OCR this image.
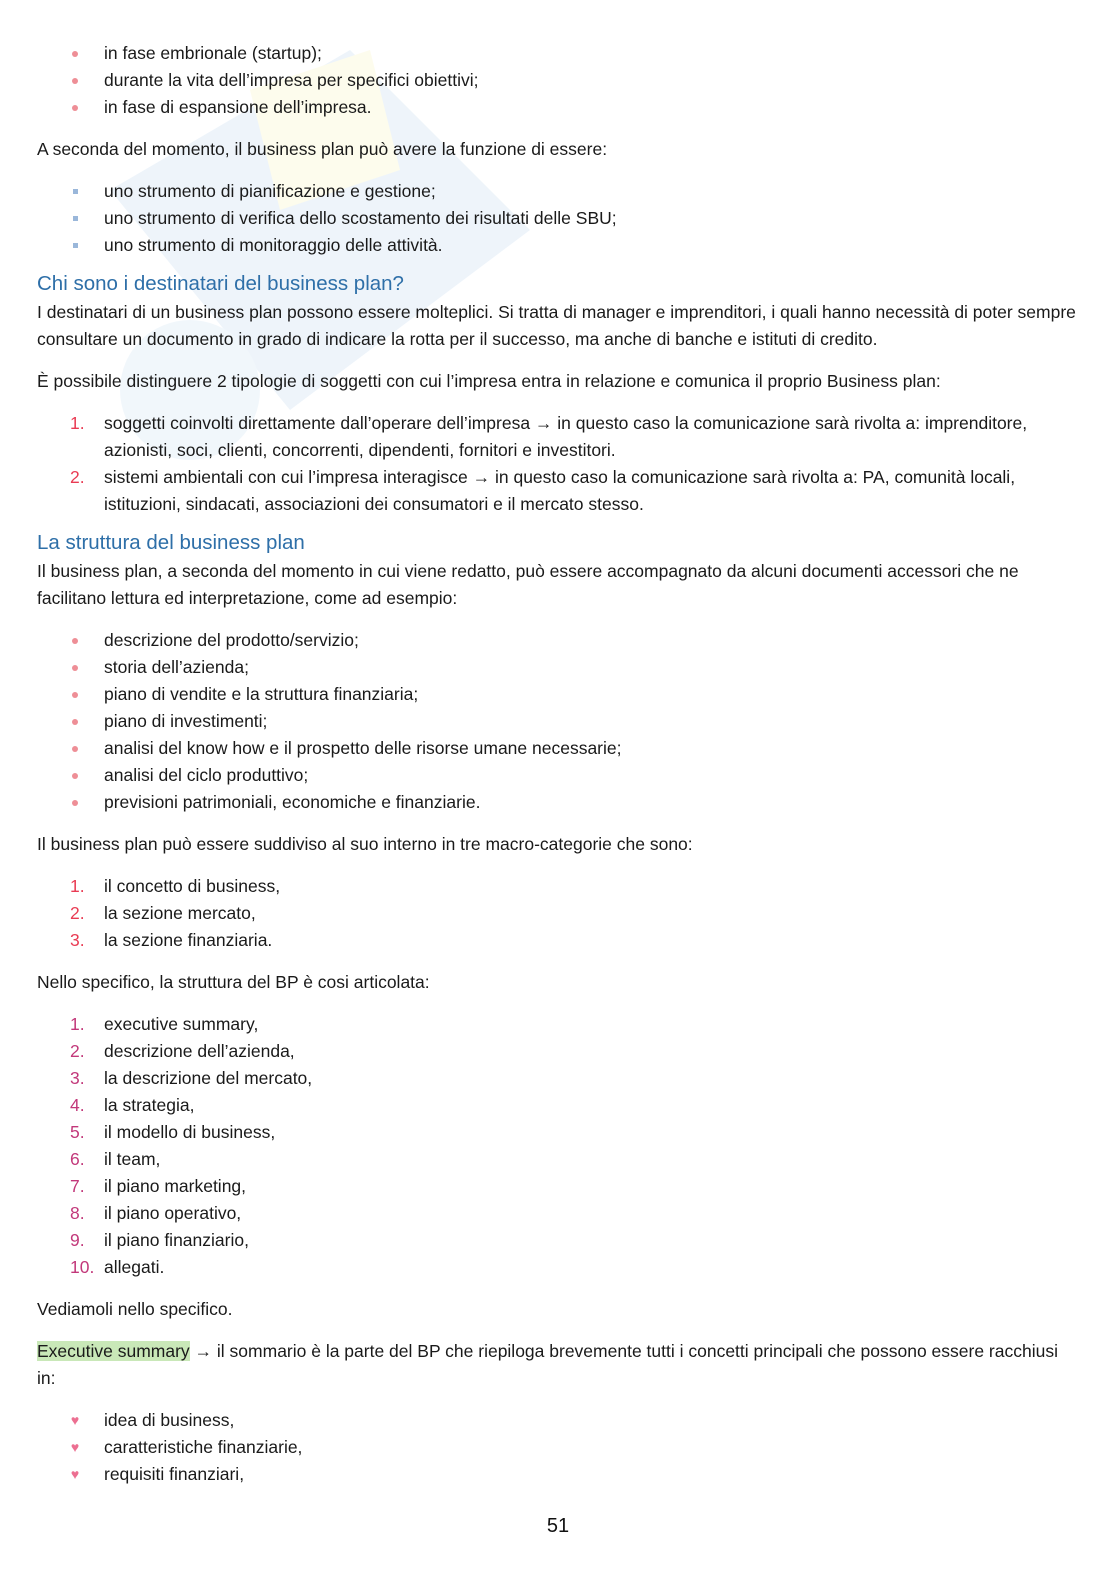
in fase embrionale (startup);
durante la vita dell’impresa per specifici obiettivi;
in fase di espansione dell’impresa.

A seconda del momento, il business plan può avere la funzione di essere:

uno strumento di pianificazione e gestione;
uno strumento di verifica dello scostamento dei risultati delle SBU;
uno strumento di monitoraggio delle attività.
Chi sono i destinatari del business plan?

I destinatari di un business plan possono essere molteplici. Si tratta di manager e imprenditori, i quali hanno necessità di poter sempre consultare un documento in grado di indicare la rotta per il successo, ma anche di banche e istituti di credito.

È possibile distinguere 2 tipologie di soggetti con cui l’impresa entra in relazione e comunica il proprio Business plan:

1. soggetti coinvolti direttamente dall’operare dell’impresa → in questo caso la comunicazione sarà rivolta a: imprenditore, azionisti, soci, clienti, concorrenti, dipendenti, fornitori e investitori.
2. sistemi ambientali con cui l’impresa interagisce → in questo caso la comunicazione sarà rivolta a: PA, comunità locali, istituzioni, sindacati, associazioni dei consumatori e il mercato stesso.
La struttura del business plan

Il business plan, a seconda del momento in cui viene redatto, può essere accompagnato da alcuni documenti accessori che ne facilitano lettura ed interpretazione, come ad esempio:

descrizione del prodotto/servizio;
storia dell’azienda;
piano di vendite e la struttura finanziaria;
piano di investimenti;
analisi del know how e il prospetto delle risorse umane necessarie;
analisi del ciclo produttivo;
previsioni patrimoniali, economiche e finanziarie.

Il business plan può essere suddiviso al suo interno in tre macro-categorie che sono:

1. il concetto di business,
2. la sezione mercato,
3. la sezione finanziaria.

Nello specifico, la struttura del BP è cosi articolata:

1. executive summary,
2. descrizione dell’azienda,
3. la descrizione del mercato,
4. la strategia,
5. il modello di business,
6. il team,
7. il piano marketing,
8. il piano operativo,
9. il piano finanziario,
10. allegati.

Vediamoli nello specifico.

Executive summary → il sommario è la parte del BP che riepiloga brevemente tutti i concetti principali che possono essere racchiusi in:

♥ idea di business,
♥ caratteristiche finanziarie,
♥ requisiti finanziari,
51
